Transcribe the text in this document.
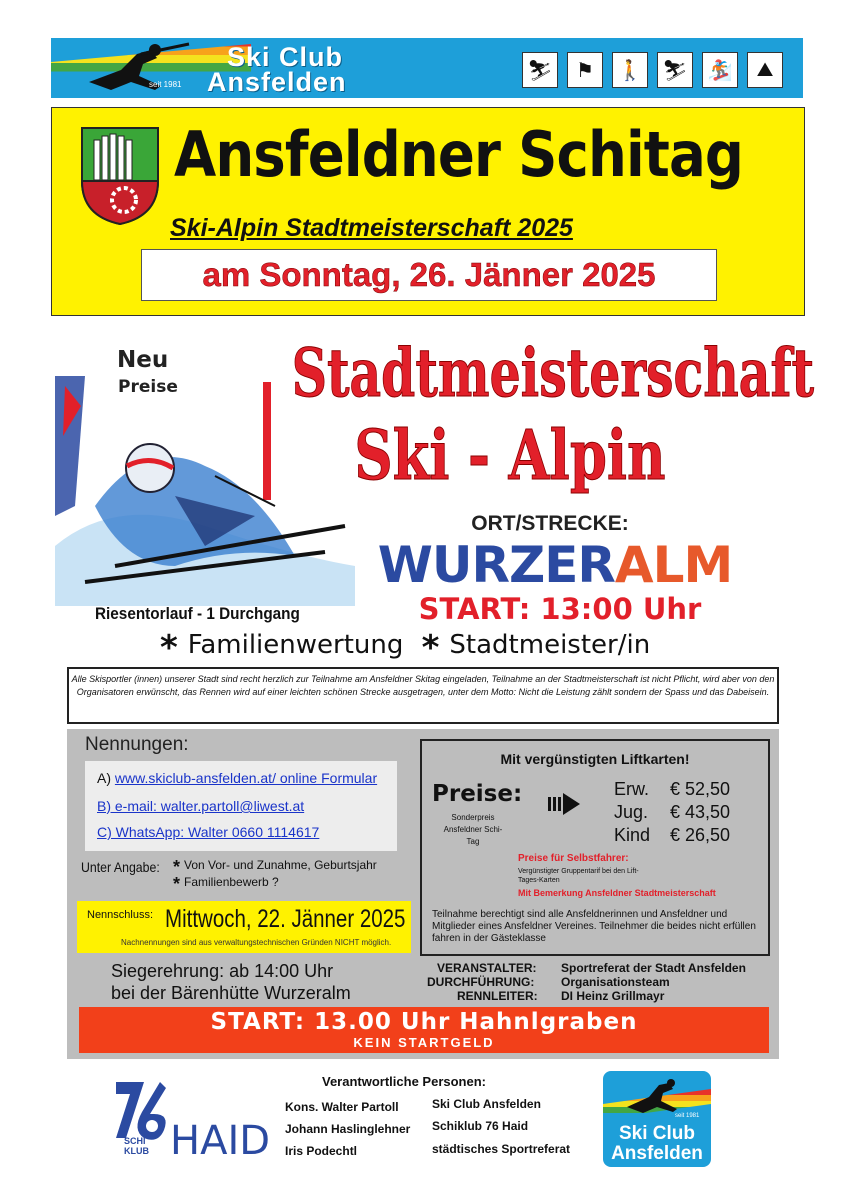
seit 1981
Ski Club
Ansfelden	⛷	⚑	🚶 ⛷ 🏂	⛰
Ansfeldner Schitag
Ski-Alpin Stadtmeisterschaft 2025
am Sonntag, 26. Jänner 2025
Neu
Preise Stadtmeisterschaft
Ski - Alpin
ORT/STRECKE:
WURZERALM
START: 13:00 Uhr
Riesentorlauf - 1 Durchgang
* Familienwertung * Stadtmeister/in
Alle Skisportler (innen) unserer Stadt sind recht herzlich zur Teilnahme am Ansfeldner Skitag eingeladen, Teilnahme an der Stadtmeisterschaft ist nicht Pflicht, wird aber von den Organisatoren erwünscht, das Rennen wird auf einer leichten schönen Strecke ausgetragen, unter dem Motto: Nicht die Leistung zählt sondern der Spass und das Dabeisein.
Nennungen:
A) www.skiclub-ansfelden.at/ online Formular
B) e-mail: walter.partoll@liwest.at
C) WhatsApp: Walter 0660 1114617
Unter Angabe: * Von Vor- und Zunahme, Geburtsjahr
* Familienbewerb ?
Nennschluss: Mittwoch, 22. Jänner 2025
Nachnennungen sind aus verwaltungstechnischen Gründen NICHT möglich.
Siegerehrung: ab 14:00 Uhr
bei der Bärenhütte Wurzeralm
Mit vergünstigten Liftkarten!
Preise:
Sonderpreis Ansfeldner Schi-Tag
Erw. € 52,50
Jug. € 43,50
Kind € 26,50
Preise für Selbstfahrer:
Vergünstigter Gruppentarif bei den Lift-Tages-Karten
Mit Bemerkung Ansfeldner Stadtmeisterschaft
Teilnahme berechtigt sind alle Ansfeldnerinnen und Ansfeldner und Mitglieder eines Ansfeldner Vereines. Teilnehmer die beides nicht erfüllen fahren in der Gästeklasse
VERANSTALTER: Sportreferat der Stadt Ansfelden
DURCHFÜHRUNG: Organisationsteam
RENNLEITER: DI Heinz Grillmayr
START: 13.00 Uhr Hahnlgraben
KEIN STARTGELD
SCHI
KLUB HAID
Verantwortliche Personen:
Kons. Walter Partoll
Johann Haslinglehner
Iris Podechtl
Ski Club Ansfelden
Schiklub 76 Haid
städtisches Sportreferat
seit 1981
Ski Club
Ansfelden
